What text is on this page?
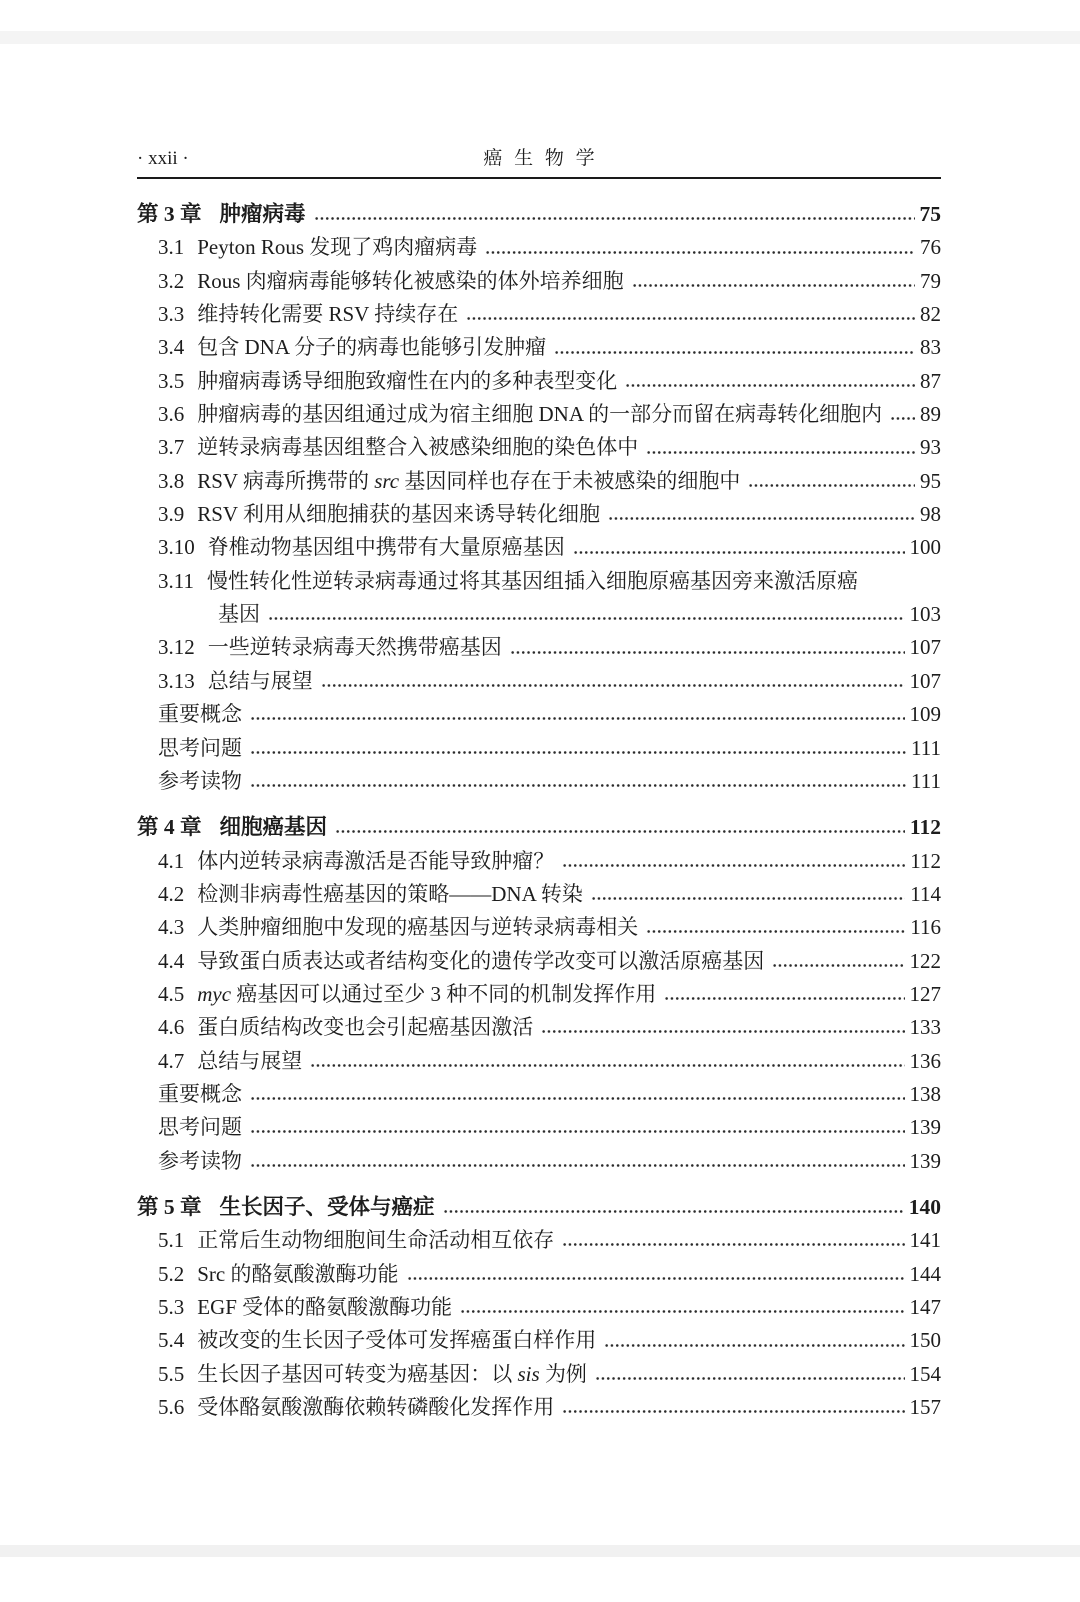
· xxii ·	癌生物学
第 3 章 肿瘤病毒	75
3.1 Peyton Rous 发现了鸡肉瘤病毒	76
3.2 Rous 肉瘤病毒能够转化被感染的体外培养细胞	79
3.3 维持转化需要 RSV 持续存在	82
3.4 包含 DNA 分子的病毒也能够引发肿瘤	83
3.5 肿瘤病毒诱导细胞致瘤性在内的多种表型变化	87
3.6 肿瘤病毒的基因组通过成为宿主细胞 DNA 的一部分而留在病毒转化细胞内 89
3.7 逆转录病毒基因组整合入被感染细胞的染色体中	93
3.8 RSV 病毒所携带的 src 基因同样也存在于未被感染的细胞中	95
3.9 RSV 利用从细胞捕获的基因来诱导转化细胞	98
3.10 脊椎动物基因组中携带有大量原癌基因	100
3.11 慢性转化性逆转录病毒通过将其基因组插入细胞原癌基因旁来激活原癌
基因	103
3.12 一些逆转录病毒天然携带癌基因	107
3.13 总结与展望	107
重要概念	109
思考问题	111
参考读物	111
第 4 章 细胞癌基因	112
4.1 体内逆转录病毒激活是否能导致肿瘤？	112
4.2 检测非病毒性癌基因的策略——DNA 转染	114
4.3 人类肿瘤细胞中发现的癌基因与逆转录病毒相关	116
4.4 导致蛋白质表达或者结构变化的遗传学改变可以激活原癌基因	122
4.5 myc 癌基因可以通过至少 3 种不同的机制发挥作用	127
4.6 蛋白质结构改变也会引起癌基因激活	133
4.7 总结与展望	136
重要概念	138
思考问题	139
参考读物	139
第 5 章 生长因子、受体与癌症	140
5.1 正常后生动物细胞间生命活动相互依存	141
5.2 Src 的酪氨酸激酶功能	144
5.3 EGF 受体的酪氨酸激酶功能	147
5.4 被改变的生长因子受体可发挥癌蛋白样作用	150
5.5 生长因子基因可转变为癌基因：以 sis 为例	154
5.6 受体酪氨酸激酶依赖转磷酸化发挥作用	157
